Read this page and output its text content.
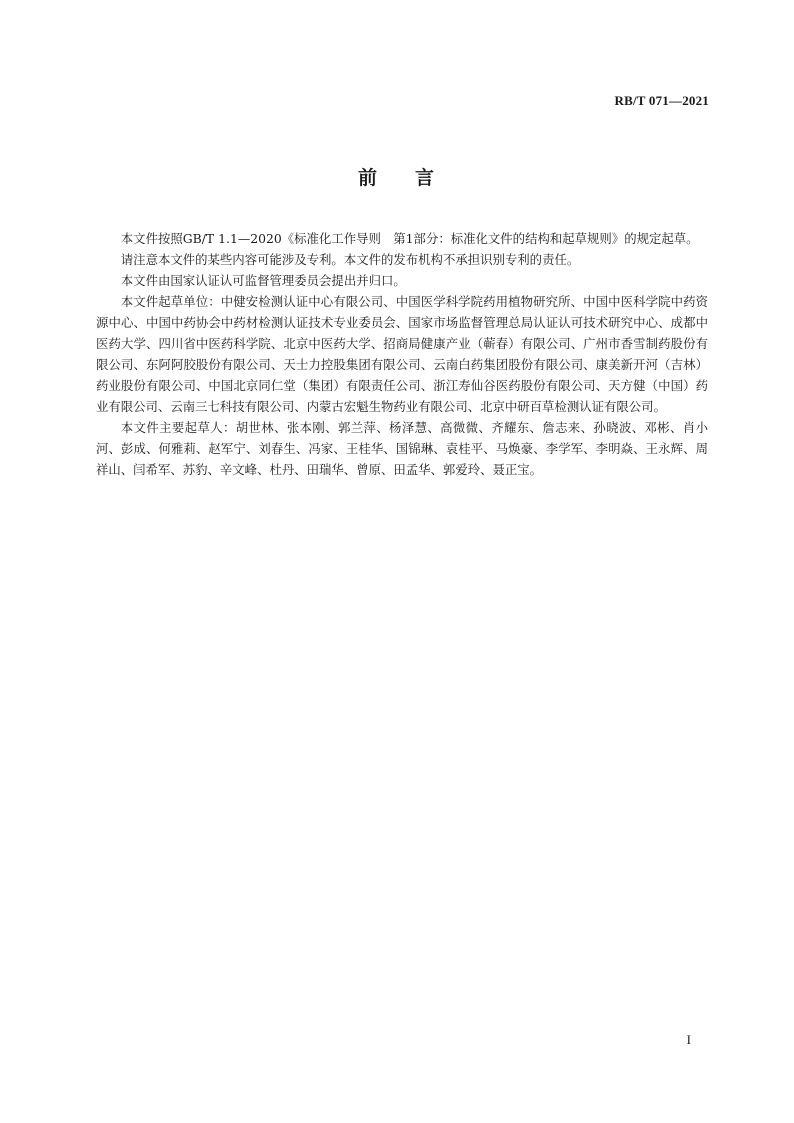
RB/T 071—2021
前 言

本文件按照GB/T 1.1—2020《标准化工作导则　第1部分：标准化文件的结构和起草规则》的规定起草。

请注意本文件的某些内容可能涉及专利。本文件的发布机构不承担识别专利的责任。

本文件由国家认证认可监督管理委员会提出并归口。

本文件起草单位：中健安检测认证中心有限公司、中国医学科学院药用植物研究所、中国中医科学院中药资源中心、中国中药协会中药材检测认证技术专业委员会、国家市场监督管理总局认证认可技术研究中心、成都中医药大学、四川省中医药科学院、北京中医药大学、招商局健康产业（蕲春）有限公司、广州市香雪制药股份有限公司、东阿阿胶股份有限公司、天士力控股集团有限公司、云南白药集团股份有限公司、康美新开河（吉林）药业股份有限公司、中国北京同仁堂（集团）有限责任公司、浙江寿仙谷医药股份有限公司、天方健（中国）药业有限公司、云南三七科技有限公司、内蒙古宏魁生物药业有限公司、北京中研百草检测认证有限公司。

本文件主要起草人：胡世林、张本刚、郭兰萍、杨泽慧、高微微、齐耀东、詹志来、孙晓波、邓彬、肖小河、彭成、何雅莉、赵军宁、刘春生、冯家、王桂华、国锦琳、袁桂平、马焕豪、李学军、李明焱、王永辉、周祥山、闫希军、苏豹、辛文峰、杜丹、田瑞华、曾原、田孟华、郭爱玲、聂正宝。

I
